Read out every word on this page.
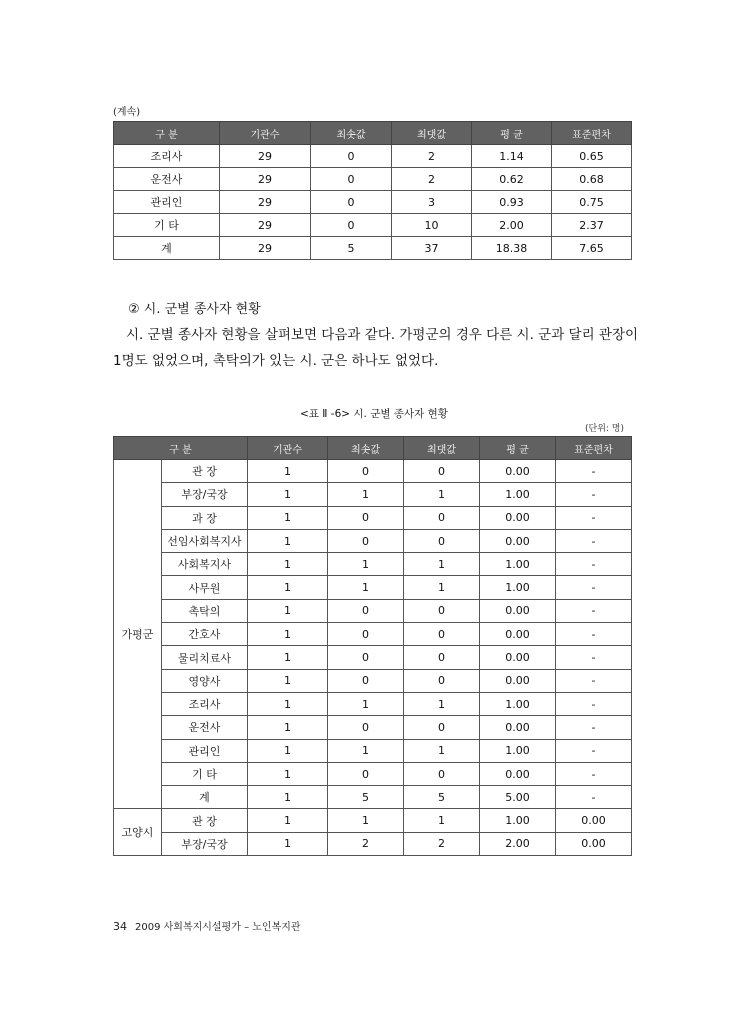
(계속)
구 분	기관수	최솟값	최댓값	평 균	표준편차
조리사	29	0	2	1.14	0.65
운전사	29	0	2	0.62	0.68
관리인	29	0	3	0.93	0.75
기 타	29	0	10	2.00	2.37
계	29	5	37	18.38	7.65
② 시. 군별 종사자 현황
시. 군별 종사자 현황을 살펴보면 다음과 같다. 가평군의 경우 다른 시. 군과 달리 관장이
1명도 없었으며, 촉탁의가 있는 시. 군은 하나도 없었다.
<표 Ⅱ -6> 시. 군별 종사자 현황
(단위: 명)
구 분		기관수	최솟값	최댓값	평 균	표준편차
가평군	관 장	1	0	0	0.00	-
	부장/국장	1	1	1	1.00	-
	과 장	1	0	0	0.00	-
	선임사회복지사	1	0	0	0.00	-
	사회복지사	1	1	1	1.00	-
	사무원	1	1	1	1.00	-
	촉탁의	1	0	0	0.00	-
	간호사	1	0	0	0.00	-
	물리치료사	1	0	0	0.00	-
	영양사	1	0	0	0.00	-
	조리사	1	1	1	1.00	-
	운전사	1	0	0	0.00	-
	관리인	1	1	1	1.00	-
	기 타	1	0	0	0.00	-
	계	1	5	5	5.00	-
고양시	관 장	1	1	1	1.00	0.00
	부장/국장	1	2	2	2.00	0.00
34 2009 사회복지시설평가 – 노인복지관
